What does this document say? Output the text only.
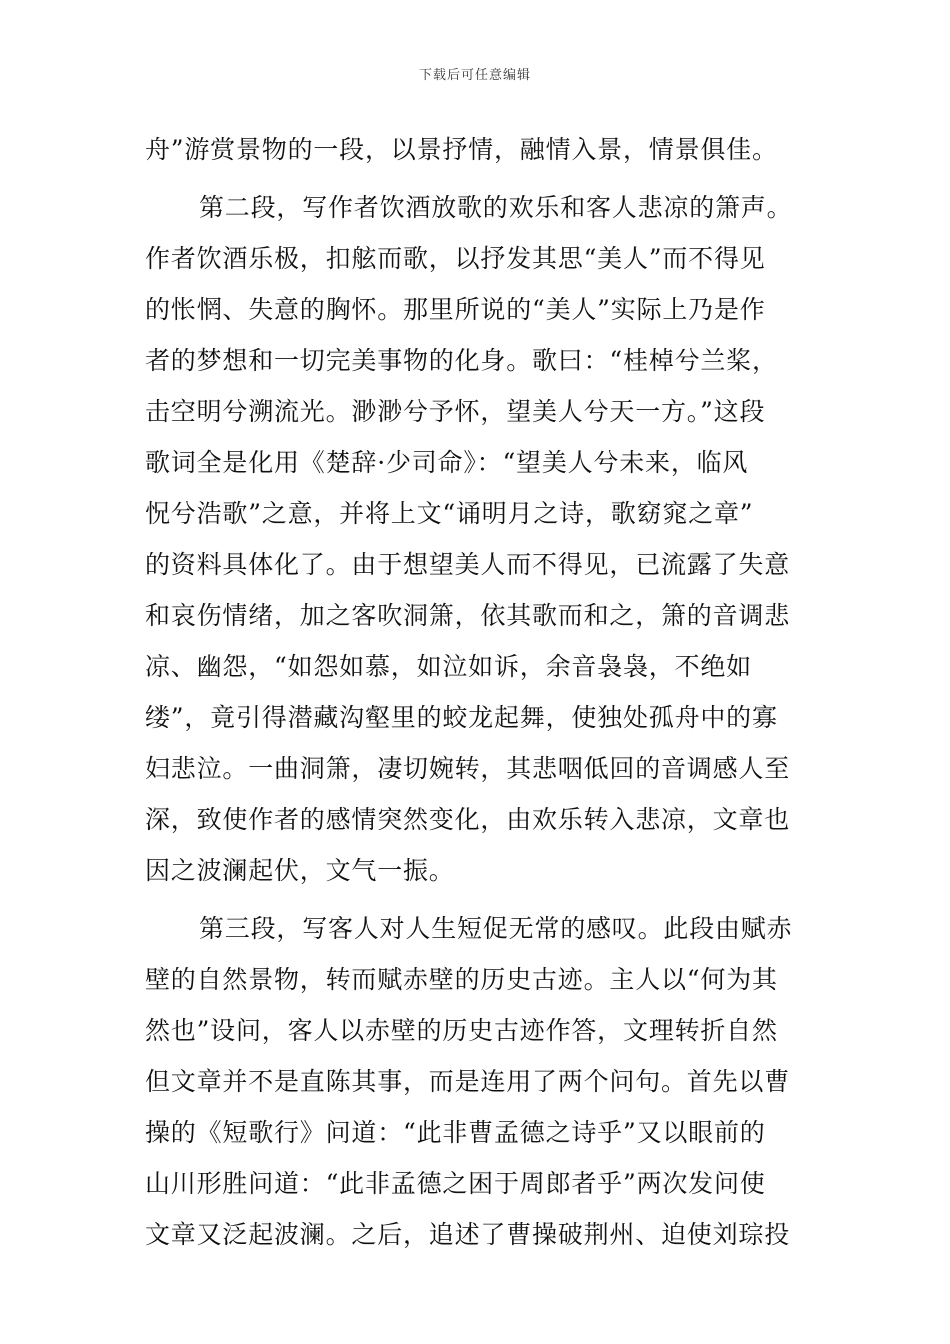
下载后可任意编辑
舟”游赏景物的一段，以景抒情，融情入景，情景俱佳。
第二段，写作者饮酒放歌的欢乐和客人悲凉的箫声。
作者饮酒乐极，扣舷而歌，以抒发其思“美人”而不得见
的怅惘、失意的胸怀。那里所说的“美人”实际上乃是作
者的梦想和一切完美事物的化身。歌曰：“桂棹兮兰桨，
击空明兮溯流光。渺渺兮予怀，望美人兮天一方。”这段
歌词全是化用《楚辞·少司命》：“望美人兮未来，临风
怳兮浩歌”之意，并将上文“诵明月之诗，歌窈窕之章”
的资料具体化了。由于想望美人而不得见，已流露了失意
和哀伤情绪，加之客吹洞箫，依其歌而和之，箫的音调悲
凉、幽怨，“如怨如慕，如泣如诉，余音袅袅，不绝如
缕”，竟引得潜藏沟壑里的蛟龙起舞，使独处孤舟中的寡
妇悲泣。一曲洞箫，凄切婉转，其悲咽低回的音调感人至
深，致使作者的感情突然变化，由欢乐转入悲凉，文章也
因之波澜起伏，文气一振。
第三段，写客人对人生短促无常的感叹。此段由赋赤
壁的自然景物，转而赋赤壁的历史古迹。主人以“何为其
然也”设问，客人以赤壁的历史古迹作答，文理转折自然
但文章并不是直陈其事，而是连用了两个问句。首先以曹
操的《短歌行》问道：“此非曹孟德之诗乎”又以眼前的
山川形胜问道：“此非孟德之困于周郎者乎”两次发问使
文章又泛起波澜。之后，追述了曹操破荆州、迫使刘琮投
